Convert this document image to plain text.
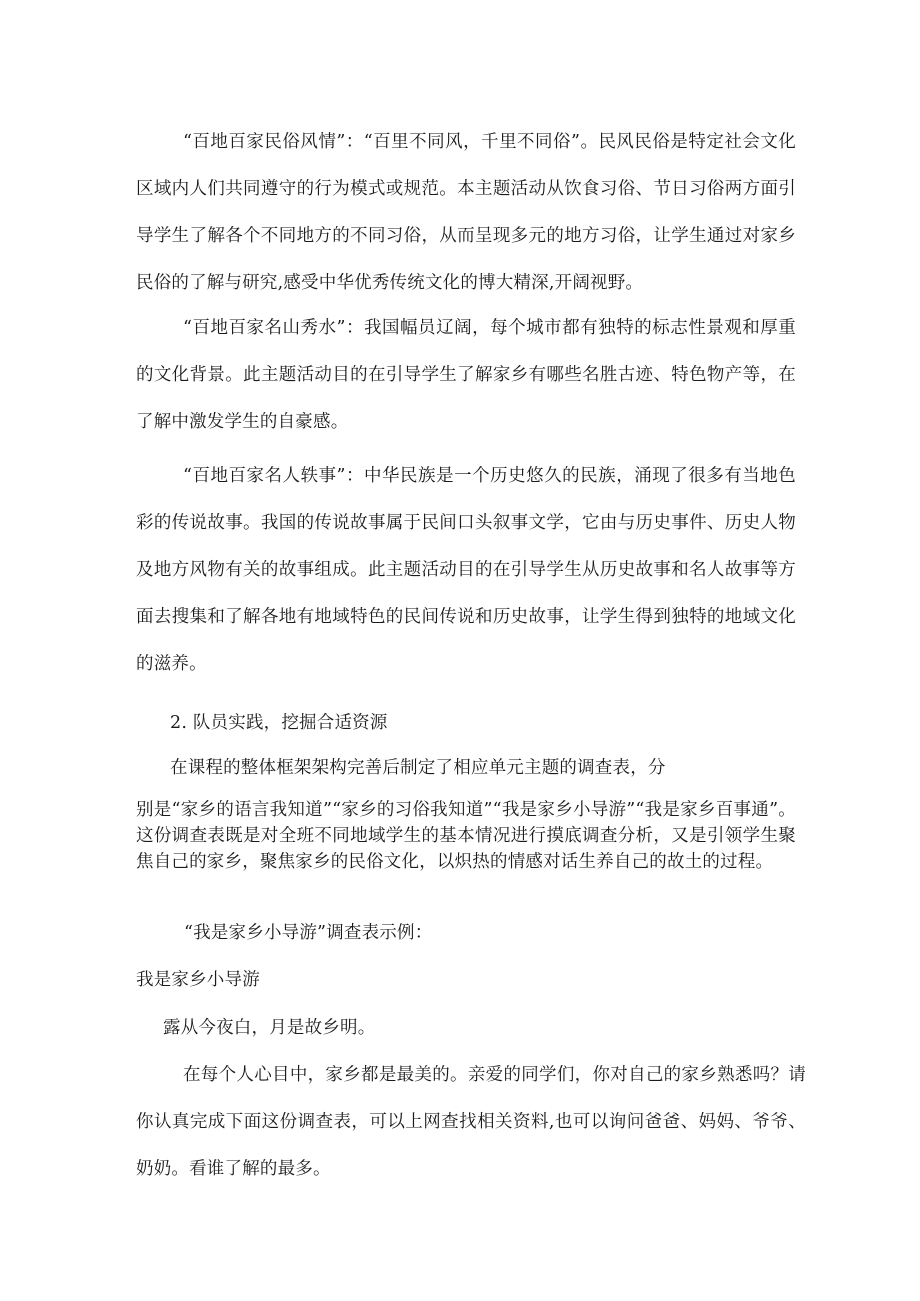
“百地百家民俗风情”：“百里不同风，千里不同俗”。民风民俗是特定社会文化区域内人们共同遵守的行为模式或规范。本主题活动从饮食习俗、节日习俗两方面引导学生了解各个不同地方的不同习俗，从而呈现多元的地方习俗，让学生通过对家乡民俗的了解与研究,感受中华优秀传统文化的博大精深,开阔视野。

“百地百家名山秀水”：我国幅员辽阔，每个城市都有独特的标志性景观和厚重的文化背景。此主题活动目的在引导学生了解家乡有哪些名胜古迹、特色物产等，在了解中激发学生的自豪感。

“百地百家名人轶事”：中华民族是一个历史悠久的民族，涌现了很多有当地色彩的传说故事。我国的传说故事属于民间口头叙事文学，它由与历史事件、历史人物及地方风物有关的故事组成。此主题活动目的在引导学生从历史故事和名人故事等方面去搜集和了解各地有地域特色的民间传说和历史故事，让学生得到独特的地域文化的滋养。

2. 队员实践，挖掘合适资源

在课程的整体框架架构完善后制定了相应单元主题的调查表，分

别是“家乡的语言我知道”“家乡的习俗我知道”“我是家乡小导游”“我是家乡百事通”。这份调查表既是对全班不同地域学生的基本情况进行摸底调查分析，又是引领学生聚焦自己的家乡，聚焦家乡的民俗文化，以炽热的情感对话生养自己的故土的过程。

“我是家乡小导游”调查表示例：

我是家乡小导游

露从今夜白，月是故乡明。

在每个人心目中，家乡都是最美的。亲爱的同学们，你对自己的家乡熟悉吗？请你认真完成下面这份调查表，可以上网查找相关资料,也可以询问爸爸、妈妈、爷爷、奶奶。看谁了解的最多。
